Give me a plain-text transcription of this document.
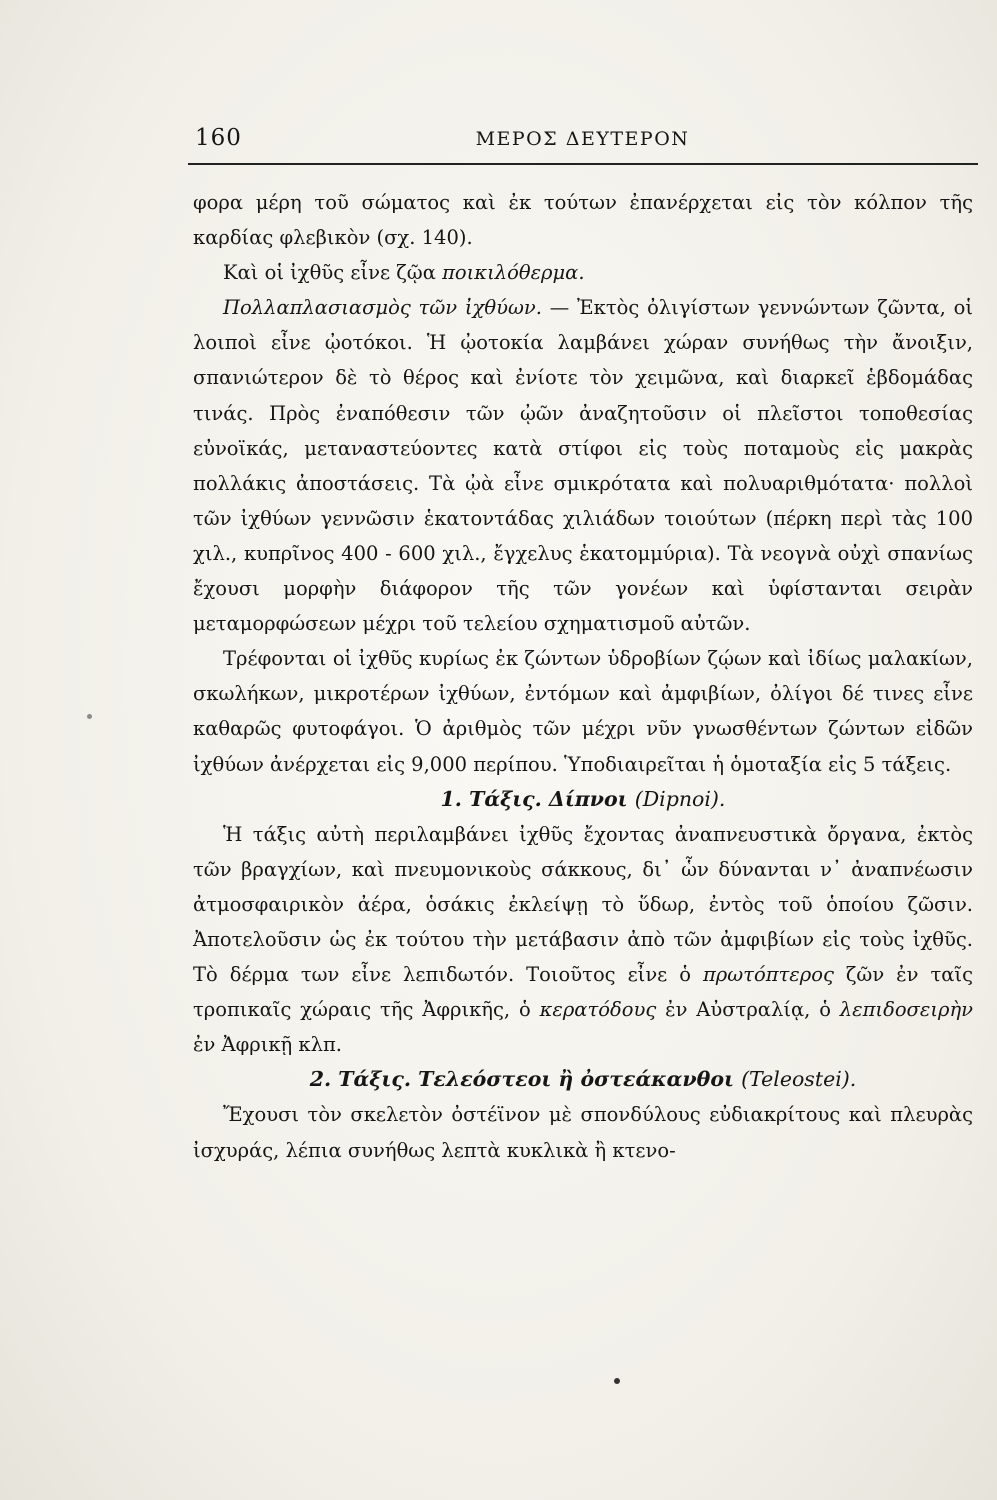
160	ΜΕΡΟΣ ΔΕΥΤΕΡΟΝ

φορα μέρη τοῦ σώματος καὶ ἐκ τούτων ἐπανέρχεται εἰς τὸν κόλπον τῆς καρδίας φλεβικὸν (σχ. 140).

Καὶ οἱ ἰχθῦς εἶνε ζῷα ποικιλόθερμα.

Πολλαπλασιασμὸς τῶν ἰχθύων. — Ἐκτὸς ὀλιγίστων γεννώντων ζῶντα, οἱ λοιποὶ εἶνε ᾠοτόκοι. Ἡ ᾠοτοκία λαμβάνει χώραν συνήθως τὴν ἄνοιξιν, σπανιώτερον δὲ τὸ θέρος καὶ ἐνίοτε τὸν χειμῶνα, καὶ διαρκεῖ ἑβδομάδας τινάς. Πρὸς ἐναπόθεσιν τῶν ᾠῶν ἀναζητοῦσιν οἱ πλεῖστοι τοποθεσίας εὐνοϊκάς, μεταναστεύοντες κατὰ στίφοι εἰς τοὺς ποταμοὺς εἰς μακρὰς πολλάκις ἀποστάσεις. Τὰ ᾠὰ εἶνε σμικρότατα καὶ πολυαριθμότατα· πολλοὶ τῶν ἰχθύων γεννῶσιν ἑκατοντάδας χιλιάδων τοιούτων (πέρκη περὶ τὰς 100 χιλ., κυπρῖνος 400 - 600 χιλ., ἔγχελυς ἑκατομμύρια). Τὰ νεογνὰ οὐχὶ σπανίως ἔχουσι μορφὴν διάφορον τῆς τῶν γονέων καὶ ὑφίστανται σειρὰν μεταμορφώσεων μέχρι τοῦ τελείου σχηματισμοῦ αὐτῶν.

Τρέφονται οἱ ἰχθῦς κυρίως ἐκ ζώντων ὑδροβίων ζῴων καὶ ἰδίως μαλακίων, σκωλήκων, μικροτέρων ἰχθύων, ἐντόμων καὶ ἀμφιβίων, ὀλίγοι δέ τινες εἶνε καθαρῶς φυτοφάγοι. Ὁ ἀριθμὸς τῶν μέχρι νῦν γνωσθέντων ζώντων εἰδῶν ἰχθύων ἀνέρχεται εἰς 9,000 περίπου. Ὑποδιαιρεῖται ἡ ὁμοταξία εἰς 5 τάξεις.

1. Τάξις. Δίπνοι (Dipnoi).

Ἡ τάξις αὐτὴ περιλαμβάνει ἰχθῦς ἔχοντας ἀναπνευστικὰ ὄργανα, ἐκτὸς τῶν βραγχίων, καὶ πνευμονικοὺς σάκκους, δι᾽ ὧν δύνανται ν᾽ ἀναπνέωσιν ἀτμοσφαιρικὸν ἀέρα, ὁσάκις ἐκλείψῃ τὸ ὕδωρ, ἐντὸς τοῦ ὁποίου ζῶσιν. Ἀποτελοῦσιν ὡς ἐκ τούτου τὴν μετάβασιν ἀπὸ τῶν ἀμφιβίων εἰς τοὺς ἰχθῦς. Τὸ δέρμα των εἶνε λεπιδωτόν. Τοιοῦτος εἶνε ὁ πρωτόπτερος ζῶν ἐν ταῖς τροπικαῖς χώραις τῆς Ἀφρικῆς, ὁ κερατόδους ἐν Αὐστραλίᾳ, ὁ λεπιδοσειρὴν ἐν Ἀφρικῇ κλπ.

2. Τάξις. Τελεόστεοι ἢ ὀστεάκανθοι (Teleostei).

Ἔχουσι τὸν σκελετὸν ὀστέϊνον μὲ σπονδύλους εὐδιακρίτους καὶ πλευρὰς ἰσχυράς, λέπια συνήθως λεπτὰ κυκλικὰ ἢ κτενο-
